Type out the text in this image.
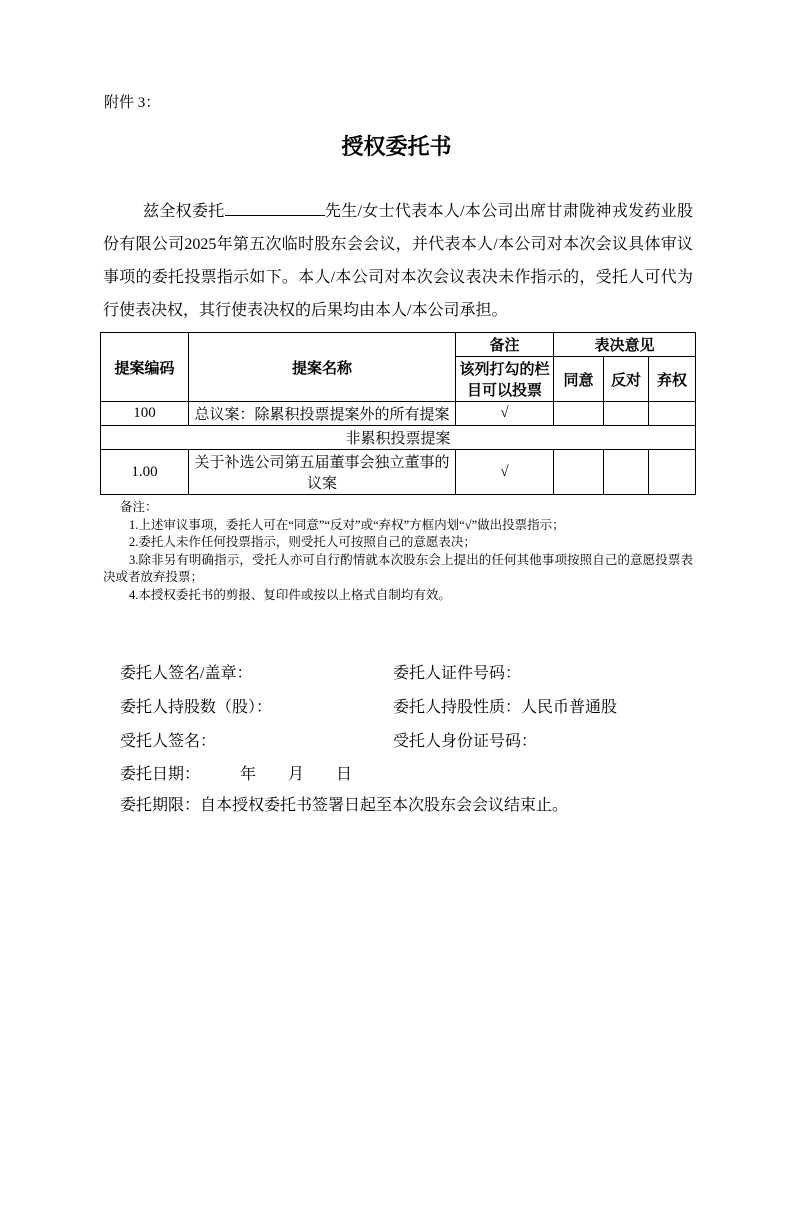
附件 3：
授权委托书
兹全权委托	先生/女士代表本人/本公司出席甘肃陇神戎发药业股份有限公司2025年第五次临时股东会会议，并代表本人/本公司对本次会议具体审议事项的委托投票指示如下。本人/本公司对本次会议表决未作指示的，受托人可代为行使表决权，其行使表决权的后果均由本人/本公司承担。
提案编码	提案名称	备注	表决意见		
		该列打勾的栏目可以投票	同意	反对	弃权
100	总议案：除累积投票提案外的所有提案	√			
非累积投票提案					
1.00	关于补选公司第五届董事会独立董事的议案	√			
备注：
1.上述审议事项，委托人可在“同意”“反对”或“弃权”方框内划“√”做出投票指示；
2.委托人未作任何投票指示，则受托人可按照自己的意愿表决；
3.除非另有明确指示，受托人亦可自行酌情就本次股东会上提出的任何其他事项按照自己的意愿投票表决或者放弃投票；
4.本授权委托书的剪报、复印件或按以上格式自制均有效。
委托人签名/盖章：	委托人证件号码：
委托人持股数（股）：	委托人持股性质：人民币普通股
受托人签名：	受托人身份证号码：
委托日期：　　　年　　月　　日
委托期限：自本授权委托书签署日起至本次股东会会议结束止。
